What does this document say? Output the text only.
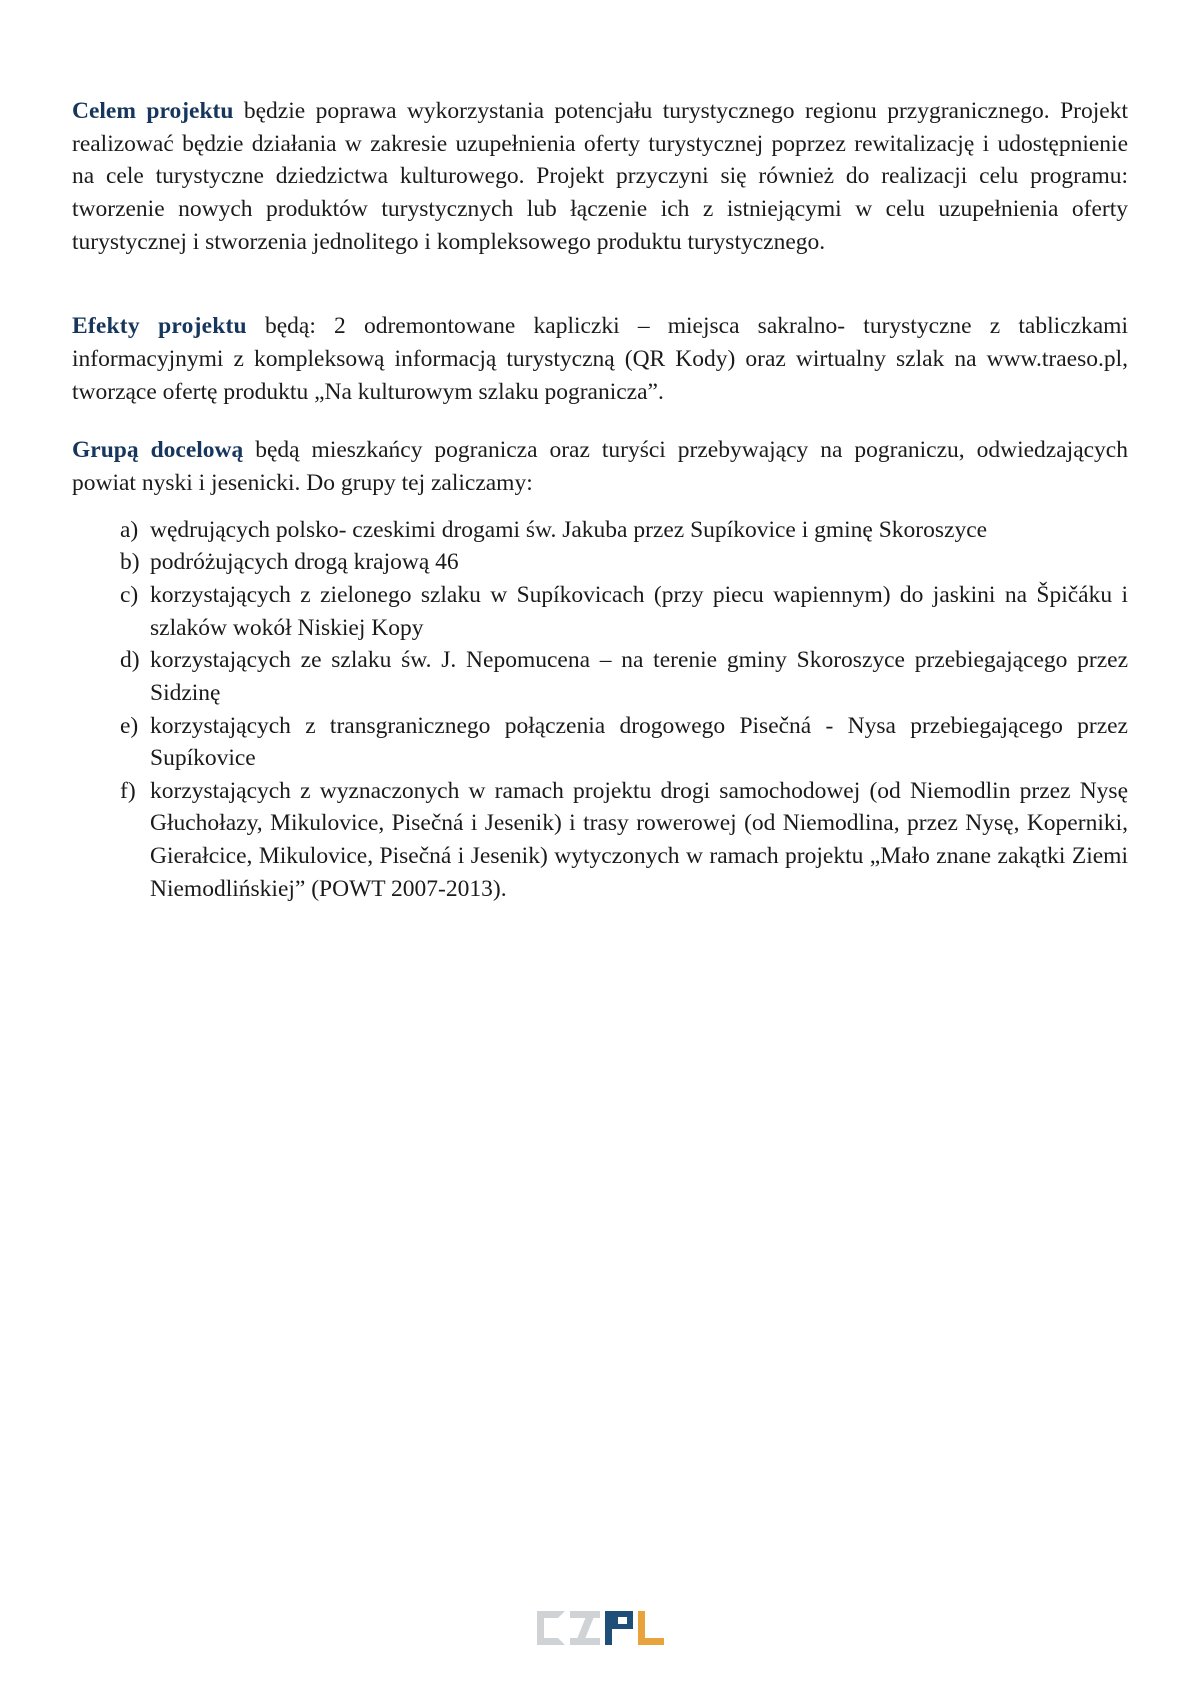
Celem projektu będzie poprawa wykorzystania potencjału turystycznego regionu przygranicznego. Projekt realizować będzie działania w zakresie uzupełnienia oferty turystycznej poprzez rewitalizację i udostępnienie na cele turystyczne dziedzictwa kulturowego. Projekt przyczyni się również do realizacji celu programu: tworzenie nowych produktów turystycznych lub łączenie ich z istniejącymi w celu uzupełnienia oferty turystycznej i stworzenia jednolitego i kompleksowego produktu turystycznego.

Efekty projektu będą: 2 odremontowane kapliczki – miejsca sakralno- turystyczne z tabliczkami informacyjnymi z kompleksową informacją turystyczną (QR Kody) oraz wirtualny szlak na www.traeso.pl, tworzące ofertę produktu „Na kulturowym szlaku pogranicza”.

Grupą docelową będą mieszkańcy pogranicza oraz turyści przebywający na pograniczu, odwiedzających powiat nyski i jesenicki. Do grupy tej zaliczamy:

a) wędrujących polsko- czeskimi drogami św. Jakuba przez Supíkovice i gminę Skoroszyce
b) podróżujących drogą krajową 46
c) korzystających z zielonego szlaku w Supíkovicach (przy piecu wapiennym) do jaskini na Špičáku i szlaków wokół Niskiej Kopy
d) korzystających ze szlaku św. J. Nepomucena – na terenie gminy Skoroszyce przebiegającego przez Sidzinę
e) korzystających z transgranicznego połączenia drogowego Pisečná - Nysa przebiegającego przez Supíkovice
f) korzystających z wyznaczonych w ramach projektu drogi samochodowej (od Niemodlin przez Nysę Głuchołazy, Mikulovice, Pisečná i Jesenik) i trasy rowerowej (od Niemodlina, przez Nysę, Koperniki, Gierałcice, Mikulovice, Pisečná i Jesenik) wytyczonych w ramach projektu „Mało znane zakątki Ziemi Niemodlińskiej” (POWT 2007-2013).
